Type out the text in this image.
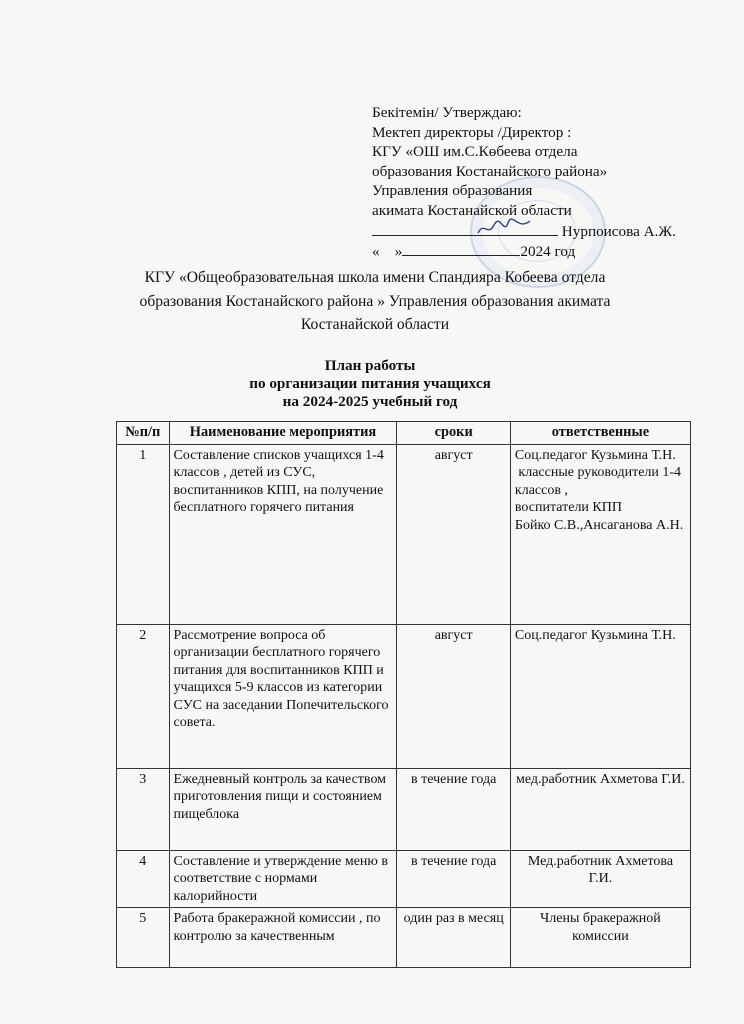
Бекітемін/ Утверждаю:
Мектеп директоры /Директор :
КГУ «ОШ им.С.Көбеева отдела
образования Костанайского района»
Управления образования
акимата Костанайской области
Нурпоисова А.Ж.
«    »	2024 год
КГУ «Общеобразовательная школа имени Спандияра Кобеева отдела образования Костанайского района » Управления образования акимата Костанайской области
План работы
по организации питания учащихся
на 2024-2025 учебный год
№п/п	Наименование мероприятия	сроки	ответственные
1	Составление списков учащихся 1-4 классов , детей из СУС, воспитанников КПП, на получение бесплатного горячего питания	август	Соц.педагог Кузьмина Т.Н.
классные руководители 1-4 классов ,
воспитатели КПП
Бойко С.В.,Ансаганова А.Н.

2	Рассмотрение вопроса об организации бесплатного горячего питания для воспитанников КПП и учащихся 5-9 классов из категории СУС на заседании Попечительского совета.	август	Соц.педагог Кузьмина Т.Н.

3	Ежедневный контроль за качеством приготовления пищи и состоянием пищеблока	в течение года	мед.работник Ахметова Г.И.

4	Составление и утверждение меню в соответствие с нормами калорийности	в течение года	Мед.работник Ахметова Г.И.

5	Работа бракеражной комиссии , по контролю за качественным	один раз в месяц	Члены бракеражной комиссии
